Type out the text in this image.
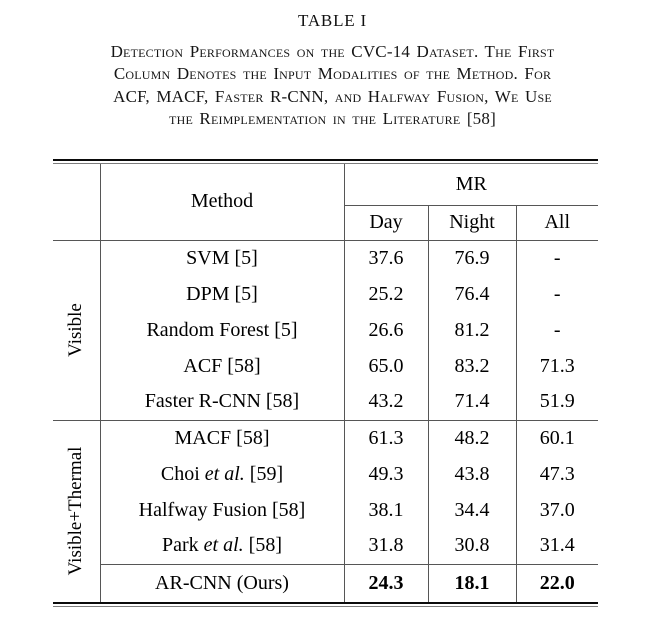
TABLE I
Detection Performances on the CVC-14 Dataset. The First
Column Denotes the Input Modalities of the Method. For
ACF, MACF, Faster R-CNN, and Halfway Fusion, We Use
the Reimplementation in the Literature [58]
	Method	MR		
		Day	Night	All

Visible	SVM [5]	37.6	76.9	-
	DPM [5]	25.2	76.4	-
	Random Forest [5]	26.6	81.2	-
	ACF [58]	65.0	83.2	71.3
	Faster R-CNN [58]	43.2	71.4	51.9

Visible+Thermal	MACF [58]	61.3	48.2	60.1
	Choi et al. [59]	49.3	43.8	47.3
	Halfway Fusion [58]	38.1	34.4	37.0
	Park et al. [58]	31.8	30.8	31.4
	AR-CNN (Ours)	24.3	18.1	22.0
